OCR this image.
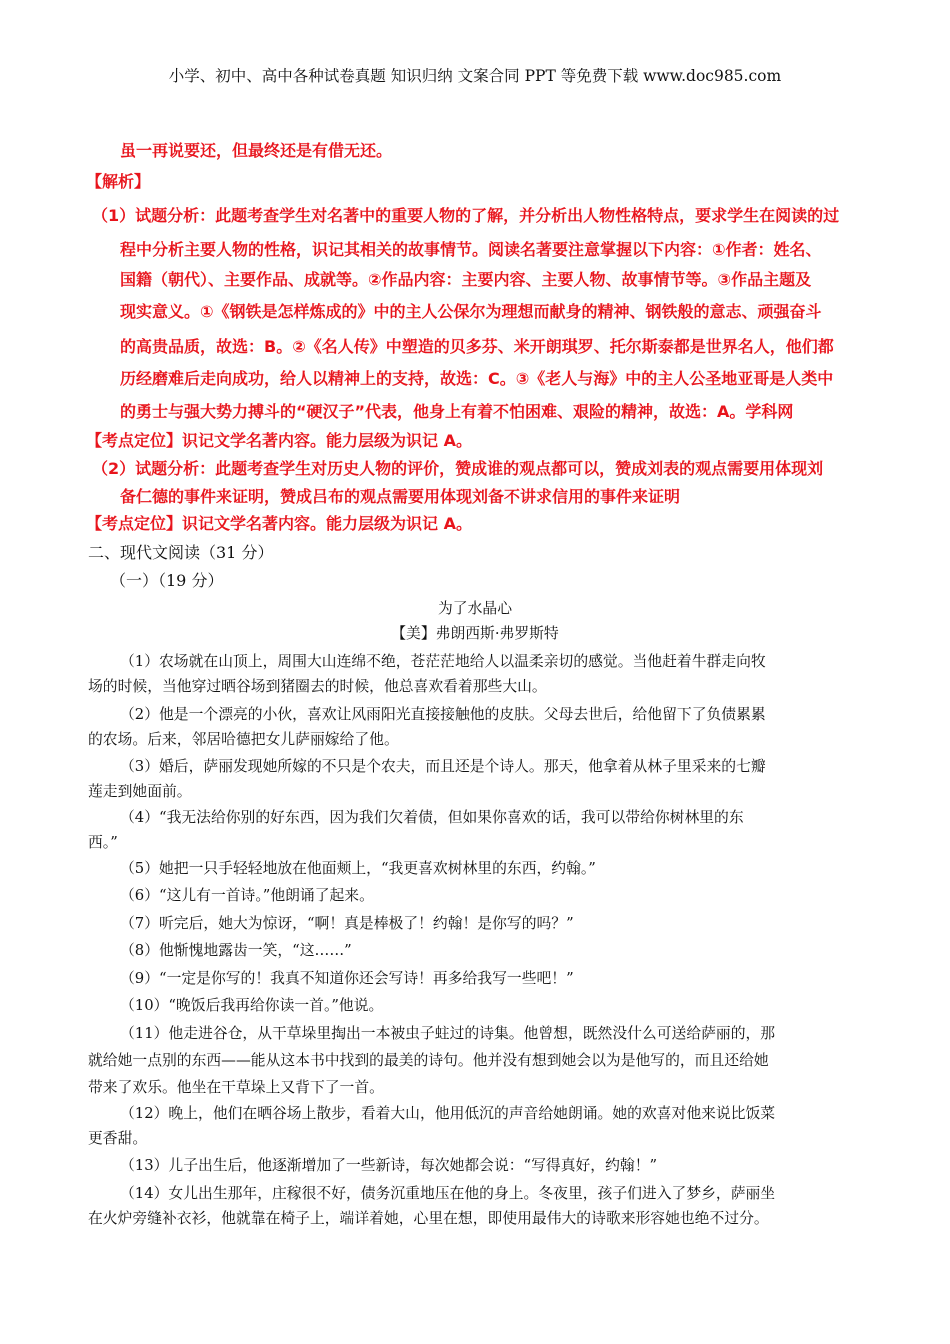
小学、初中、高中各种试卷真题 知识归纳 文案合同 PPT 等免费下载 www.doc985.com
虽一再说要还，但最终还是有借无还。
【解析】
（1）试题分析：此题考查学生对名著中的重要人物的了解，并分析出人物性格特点，要求学生在阅读的过
程中分析主要人物的性格，识记其相关的故事情节。阅读名著要注意掌握以下内容：①作者：姓名、
国籍（朝代）、主要作品、成就等。②作品内容：主要内容、主要人物、故事情节等。③作品主题及
现实意义。①《钢铁是怎样炼成的》中的主人公保尔为理想而献身的精神、钢铁般的意志、顽强奋斗
的高贵品质，故选：B。②《名人传》中塑造的贝多芬、米开朗琪罗、托尔斯泰都是世界名人，他们都
历经磨难后走向成功，给人以精神上的支持，故选：C。③《老人与海》中的主人公圣地亚哥是人类中
的勇士与强大势力搏斗的“硬汉子”代表，他身上有着不怕困难、艰险的精神，故选：A。学科网
【考点定位】识记文学名著内容。能力层级为识记 A。
（2）试题分析：此题考查学生对历史人物的评价，赞成谁的观点都可以，赞成刘表的观点需要用体现刘
备仁德的事件来证明，赞成吕布的观点需要用体现刘备不讲求信用的事件来证明
【考点定位】识记文学名著内容。能力层级为识记 A。
二、现代文阅读（31 分）
（一）（19 分）
为了水晶心
【美】弗朗西斯·弗罗斯特
（1）农场就在山顶上，周围大山连绵不绝，苍茫茫地给人以温柔亲切的感觉。当他赶着牛群走向牧
场的时候，当他穿过晒谷场到猪圈去的时候，他总喜欢看着那些大山。
（2）他是一个漂亮的小伙，喜欢让风雨阳光直接接触他的皮肤。父母去世后，给他留下了负债累累
的农场。后来，邻居哈德把女儿萨丽嫁给了他。
（3）婚后，萨丽发现她所嫁的不只是个农夫，而且还是个诗人。那天，他拿着从林子里采来的七瓣
莲走到她面前。
（4）“我无法给你别的好东西，因为我们欠着债，但如果你喜欢的话，我可以带给你树林里的东
西。”
（5）她把一只手轻轻地放在他面颊上，“我更喜欢树林里的东西，约翰。”
（6）“这儿有一首诗。”他朗诵了起来。
（7）听完后，她大为惊讶，“啊！真是棒极了！约翰！是你写的吗？”
（8）他惭愧地露齿一笑，“这……”
（9）“一定是你写的！我真不知道你还会写诗！再多给我写一些吧！”
（10）“晚饭后我再给你读一首。”他说。
（11）他走进谷仓，从干草垛里掏出一本被虫子蛀过的诗集。他曾想，既然没什么可送给萨丽的，那
就给她一点别的东西——能从这本书中找到的最美的诗句。他并没有想到她会以为是他写的，而且还给她
带来了欢乐。他坐在干草垛上又背下了一首。
（12）晚上，他们在晒谷场上散步，看着大山，他用低沉的声音给她朗诵。她的欢喜对他来说比饭菜
更香甜。
（13）儿子出生后，他逐渐增加了一些新诗，每次她都会说：“写得真好，约翰！”
（14）女儿出生那年，庄稼很不好，债务沉重地压在他的身上。冬夜里，孩子们进入了梦乡，萨丽坐
在火炉旁缝补衣衫，他就靠在椅子上，端详着她，心里在想，即使用最伟大的诗歌来形容她也绝不过分。
